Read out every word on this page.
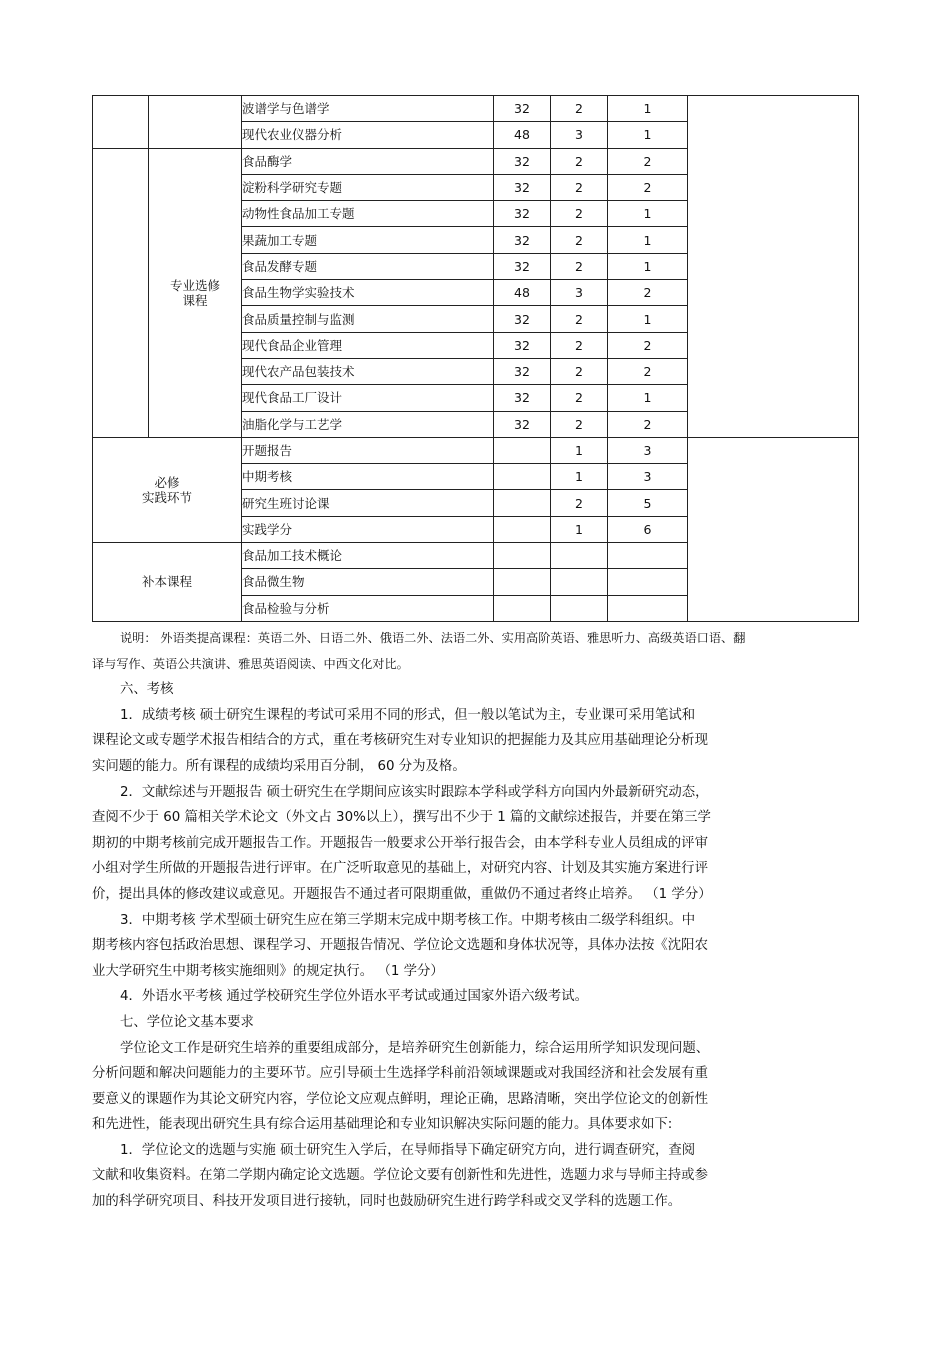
		波谱学与色谱学	32	2	1	
		现代农业仪器分析	48	3	1	

	专业选修
课程	食品酶学	32	2	2	
		淀粉科学研究专题	32	2	2	
		动物性食品加工专题	32	2	1	
		果蔬加工专题	32	2	1	
		食品发酵专题	32	2	1	
		食品生物学实验技术	48	3	2	
		食品质量控制与监测	32	2	1	
		现代食品企业管理	32	2	2	
		现代农产品包装技术	32	2	2	
		现代食品工厂设计	32	2	1	
		油脂化学与工艺学	32	2	2	

必修
实践环节		开题报告		1	3	
		中期考核		1	3	
		研究生班讨论课		2	5	
		实践学分		1	6	
补本课程		食品加工技术概论				
		食品微生物				
		食品检验与分析				

说明： 外语类提高课程：英语二外、日语二外、俄语二外、法语二外、实用高阶英语、雅思听力、高级英语口语、翻

译与写作、英语公共演讲、雅思英语阅读、中西文化对比。

六、考核

1．成绩考核 硕士研究生课程的考试可采用不同的形式，但一般以笔试为主，专业课可采用笔试和

课程论文或专题学术报告相结合的方式，重在考核研究生对专业知识的把握能力及其应用基础理论分析现

实问题的能力。所有课程的成绩均采用百分制， 60 分为及格。

2．文献综述与开题报告 硕士研究生在学期间应该实时跟踪本学科或学科方向国内外最新研究动态，

查阅不少于 60 篇相关学术论文（外文占 30%以上），撰写出不少于 1 篇的文献综述报告，并要在第三学

期初的中期考核前完成开题报告工作。开题报告一般要求公开举行报告会，由本学科专业人员组成的评审

小组对学生所做的开题报告进行评审。在广泛听取意见的基础上，对研究内容、计划及其实施方案进行评

价，提出具体的修改建议或意见。开题报告不通过者可限期重做，重做仍不通过者终止培养。 （1 学分）

3．中期考核 学术型硕士研究生应在第三学期末完成中期考核工作。中期考核由二级学科组织。中

期考核内容包括政治思想、课程学习、开题报告情况、学位论文选题和身体状况等，具体办法按《沈阳农

业大学研究生中期考核实施细则》的规定执行。 （1 学分）

4．外语水平考核 通过学校研究生学位外语水平考试或通过国家外语六级考试。

七、学位论文基本要求

学位论文工作是研究生培养的重要组成部分，是培养研究生创新能力，综合运用所学知识发现问题、

分析问题和解决问题能力的主要环节。应引导硕士生选择学科前沿领域课题或对我国经济和社会发展有重

要意义的课题作为其论文研究内容，学位论文应观点鲜明，理论正确，思路清晰，突出学位论文的创新性

和先进性，能表现出研究生具有综合运用基础理论和专业知识解决实际问题的能力。具体要求如下:

1．学位论文的选题与实施 硕士研究生入学后，在导师指导下确定研究方向，进行调查研究，查阅

文献和收集资料。在第二学期内确定论文选题。学位论文要有创新性和先进性，选题力求与导师主持或参

加的科学研究项目、科技开发项目进行接轨，同时也鼓励研究生进行跨学科或交叉学科的选题工作。
